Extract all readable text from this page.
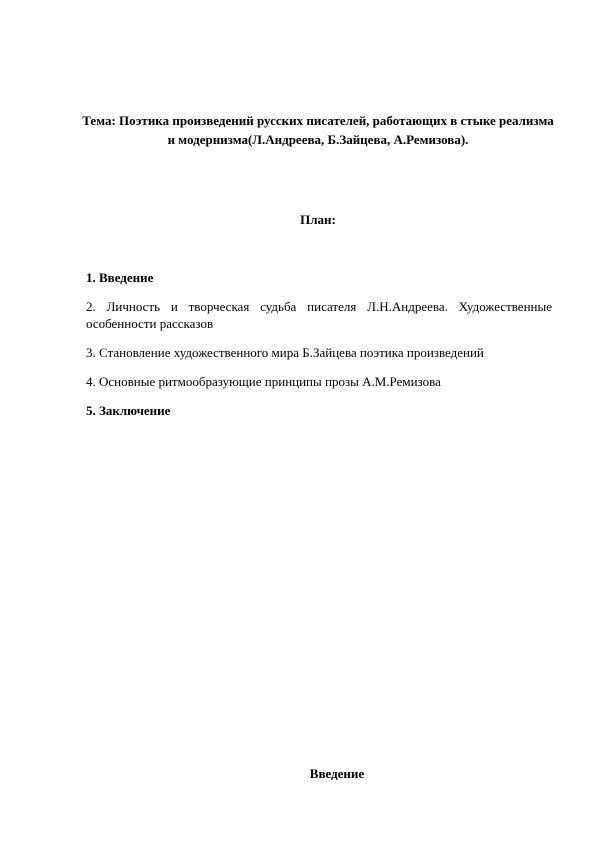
Тема: Поэтика произведений русских писателей, работающих в стыке реализма и модернизма(Л.Андреева, Б.Зайцева, А.Ремизова).
План:
1. Введение
2. Личность и творческая судьба писателя Л.Н.Андреева. Художественные особенности рассказов
3. Становление художественного мира Б.Зайцева поэтика произведений
4. Основные ритмообразующие принципы прозы А.М.Ремизова
5. Заключение
Введение
